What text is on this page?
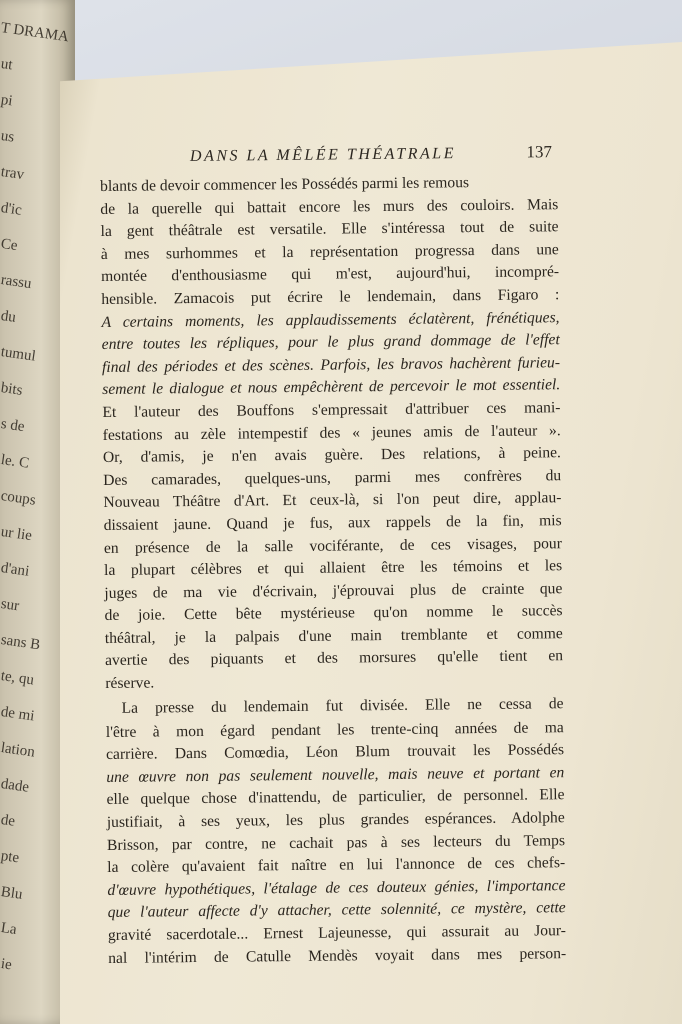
T DRAMA
ut
pi
us
trav
d'ic
Ce
rassu
du
tumul
bits
s de
le. C
coups
ur lie
d'ani
sur
sans B
te, qu
de mi
lation
dade
de
pte
Blu
La
ie
DANS LA MÊLÉE THÉATRALE	137
blants de devoir commencer les Possédés parmi les remous
de la querelle qui battait encore les murs des couloirs. Mais
la gent théâtrale est versatile. Elle s'intéressa tout de suite
à mes surhommes et la représentation progressa dans une
montée d'enthousiasme qui m'est, aujourd'hui, incompré-
hensible. Zamacois put écrire le lendemain, dans Figaro :
A certains moments, les applaudissements éclatèrent, frénétiques,
entre toutes les répliques, pour le plus grand dommage de l'effet
final des périodes et des scènes. Parfois, les bravos hachèrent furieu-
sement le dialogue et nous empêchèrent de percevoir le mot essentiel.
Et l'auteur des Bouffons s'empressait d'attribuer ces mani-
festations au zèle intempestif des « jeunes amis de l'auteur ».
Or, d'amis, je n'en avais guère. Des relations, à peine.
Des camarades, quelques-uns, parmi mes confrères du
Nouveau Théâtre d'Art. Et ceux-là, si l'on peut dire, applau-
dissaient jaune. Quand je fus, aux rappels de la fin, mis
en présence de la salle vociférante, de ces visages, pour
la plupart célèbres et qui allaient être les témoins et les
juges de ma vie d'écrivain, j'éprouvai plus de crainte que
de joie. Cette bête mystérieuse qu'on nomme le succès
théâtral, je la palpais d'une main tremblante et comme
avertie des piquants et des morsures qu'elle tient en
réserve.
La presse du lendemain fut divisée. Elle ne cessa de
l'être à mon égard pendant les trente-cinq années de ma
carrière. Dans Comœdia, Léon Blum trouvait les Possédés
une œuvre non pas seulement nouvelle, mais neuve et portant en
elle quelque chose d'inattendu, de particulier, de personnel. Elle
justifiait, à ses yeux, les plus grandes espérances. Adolphe
Brisson, par contre, ne cachait pas à ses lecteurs du Temps
la colère qu'avaient fait naître en lui l'annonce de ces chefs-
d'œuvre hypothétiques, l'étalage de ces douteux génies, l'importance
que l'auteur affecte d'y attacher, cette solennité, ce mystère, cette
gravité sacerdotale... Ernest Lajeunesse, qui assurait au Jour-
nal l'intérim de Catulle Mendès voyait dans mes person-
